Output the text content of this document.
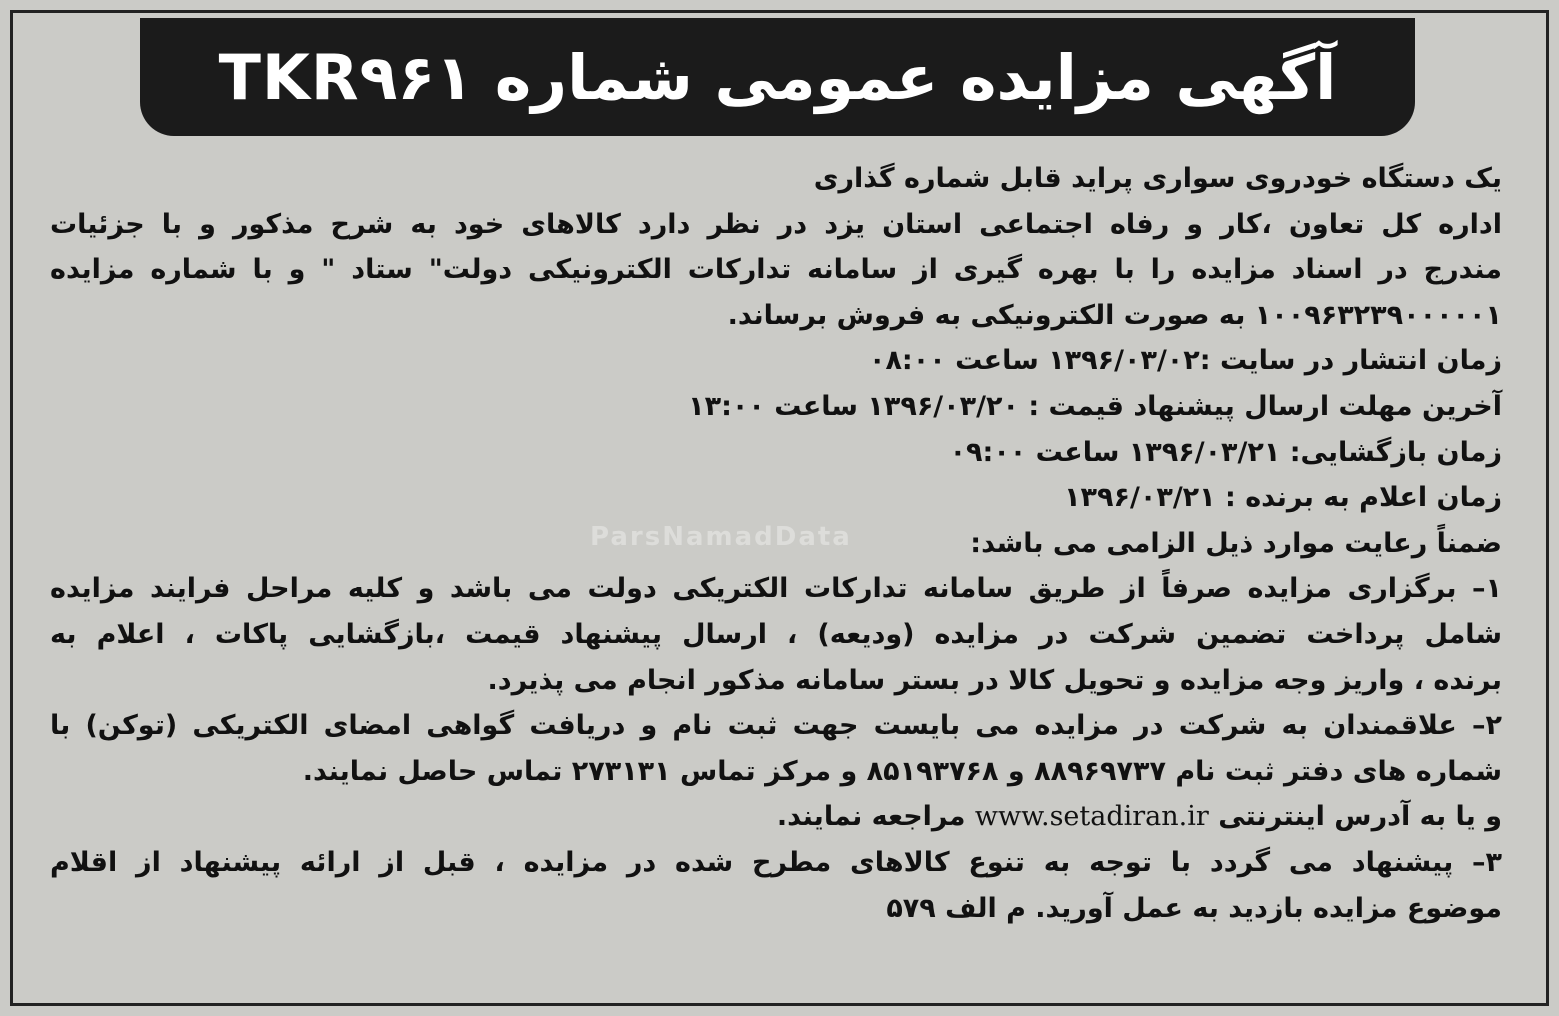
آگهی مزایده عمومی شماره TKR۹۶۱
ParsNamadData
یک دستگاه خودروی سواری پراید قابل شماره گذاری
اداره کل تعاون ،کار و رفاه اجتماعی استان یزد در نظر دارد کالاهای خود به شرح مذکور و با جزئیات
مندرج در اسناد مزایده را با بهره گیری از سامانه تدارکات الکترونیکی دولت" ستاد " و با شماره مزایده
۱۰۰۹۶۳۲۳۹۰۰۰۰۰۱ به صورت الکترونیکی به فروش برساند.
زمان انتشار در سایت :۱۳۹۶/۰۳/۰۲ ساعت ۰۸:۰۰
آخرین مهلت ارسال پیشنهاد قیمت : ۱۳۹۶/۰۳/۲۰ ساعت ۱۳:۰۰
زمان بازگشایی: ۱۳۹۶/۰۳/۲۱ ساعت ۰۹:۰۰
زمان اعلام به برنده : ۱۳۹۶/۰۳/۲۱
ضمناً رعایت موارد ذیل الزامی می باشد:
۱– برگزاری مزایده صرفاً از طریق سامانه تدارکات الکتریکی دولت می باشد و کلیه مراحل فرایند مزایده
شامل پرداخت تضمین شرکت در مزایده (ودیعه) ، ارسال پیشنهاد قیمت ،بازگشایی پاکات ، اعلام به
برنده ، واریز وجه مزایده و تحویل کالا در بستر سامانه مذکور انجام می پذیرد.
۲– علاقمندان به شرکت در مزایده می بایست جهت ثبت نام و دریافت گواهی امضای الکتریکی (توکن) با
شماره های دفتر ثبت نام ۸۸۹۶۹۷۳۷ و ۸۵۱۹۳۷۶۸ و مرکز تماس ۲۷۳۱۳۱ تماس حاصل نمایند.
و یا به آدرس اینترنتی www.setadiran.ir مراجعه نمایند.
۳– پیشنهاد می گردد با توجه به تنوع کالاهای مطرح شده در مزایده ، قبل از ارائه پیشنهاد از اقلام
موضوع مزایده بازدید به عمل آورید. م الف ۵۷۹
